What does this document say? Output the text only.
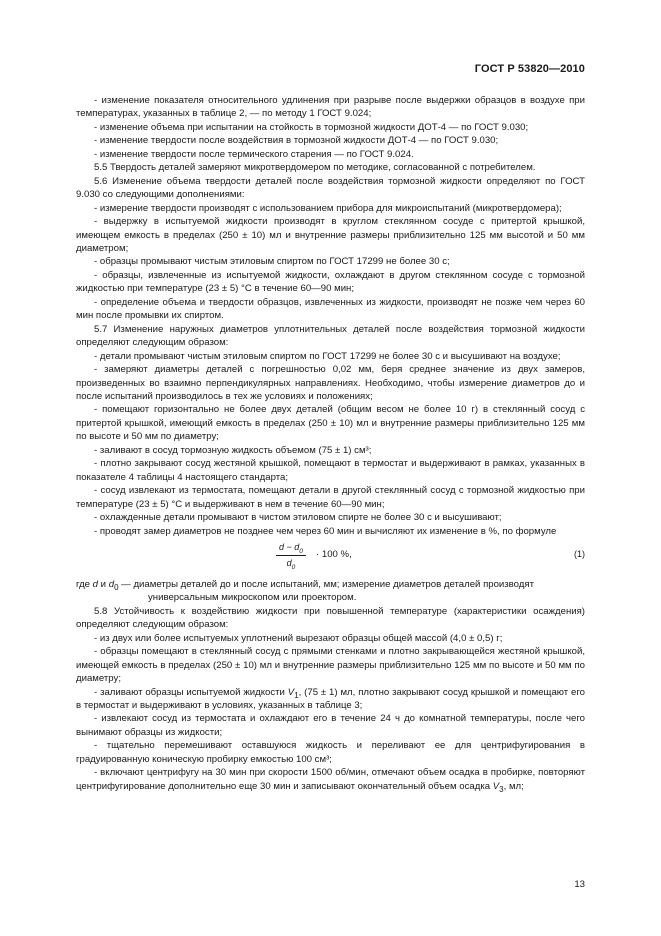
ГОСТ Р 53820—2010

- изменение показателя относительного удлинения при разрыве после выдержки образцов в воздухе при температурах, указанных в таблице 2, — по методу 1 ГОСТ 9.024;

- изменение объема при испытании на стойкость в тормозной жидкости ДОТ-4 — по ГОСТ 9.030;

- изменение твердости после воздействия в тормозной жидкости ДОТ-4 — по ГОСТ 9.030;

- изменение твердости после термического старения — по ГОСТ 9.024.

5.5 Твердость деталей замеряют микротвердомером по методике, согласованной с потребителем.

5.6 Изменение объема твердости деталей после воздействия тормозной жидкости определяют по ГОСТ 9.030 со следующими дополнениями:

- измерение твердости производят с использованием прибора для микроиспытаний (микротвердомера);

- выдержку в испытуемой жидкости производят в круглом стеклянном сосуде с притертой крышкой, имеющем емкость в пределах (250 ± 10) мл и внутренние размеры приблизительно 125 мм высотой и 50 мм диаметром;

- образцы промывают чистым этиловым спиртом по ГОСТ 17299 не более 30 с;

- образцы, извлеченные из испытуемой жидкости, охлаждают в другом стеклянном сосуде с тормозной жидкостью при температуре (23 ± 5) °С в течение 60—90 мин;

- определение объема и твердости образцов, извлеченных из жидкости, производят не позже чем через 60 мин после промывки их спиртом.

5.7 Изменение наружных диаметров уплотнительных деталей после воздействия тормозной жидкости определяют следующим образом:

- детали промывают чистым этиловым спиртом по ГОСТ 17299 не более 30 с и высушивают на воздухе;

- замеряют диаметры деталей с погрешностью 0,02 мм, беря среднее значение из двух замеров, произведенных во взаимно перпендикулярных направлениях. Необходимо, чтобы измерение диаметров до и после испытаний производилось в тех же условиях и положениях;

- помещают горизонтально не более двух деталей (общим весом не более 10 г) в стеклянный сосуд с притертой крышкой, имеющий емкость в пределах (250 ± 10) мл и внутренние размеры приблизительно 125 мм по высоте и 50 мм по диаметру;

- заливают в сосуд тормозную жидкость объемом (75 ± 1) см³;

- плотно закрывают сосуд жестяной крышкой, помещают в термостат и выдерживают в рамках, указанных в показателе 4 таблицы 4 настоящего стандарта;

- сосуд извлекают из термостата, помещают детали в другой стеклянный сосуд с тормозной жидкостью при температуре (23 ± 5) °С и выдерживают в нем в течение 60—90 мин;

- охлажденные детали промывают в чистом этиловом спирте не более 30 с и высушивают;

- проводят замер диаметров не позднее чем через 60 мин и вычисляют их изменение в %, по формуле

$\frac{d - d_0}{d_0} \cdot 100$ %,	(1)

где d и $d_0$ — диаметры деталей до и после испытаний, мм; измерение диаметров деталей производят

универсальным микроскопом или проектором.

5.8 Устойчивость к воздействию жидкости при повышенной температуре (характеристики осаждения) определяют следующим образом:

- из двух или более испытуемых уплотнений вырезают образцы общей массой (4,0 ± 0,5) г;

- образцы помещают в стеклянный сосуд с прямыми стенками и плотно закрывающейся жестяной крышкой, имеющей емкость в пределах (250 ± 10) мл и внутренние размеры приблизительно 125 мм по высоте и 50 мм по диаметру;

- заливают образцы испытуемой жидкости $V_1$, (75 ± 1) мл, плотно закрывают сосуд крышкой и помещают его в термостат и выдерживают в условиях, указанных в таблице 3;

- извлекают сосуд из термостата и охлаждают его в течение 24 ч до комнатной температуры, после чего вынимают образцы из жидкости;

- тщательно перемешивают оставшуюся жидкость и переливают ее для центрифугирования в градуированную коническую пробирку емкостью 100 см³;

- включают центрифугу на 30 мин при скорости 1500 об/мин, отмечают объем осадка в пробирке, повторяют центрифугирование дополнительно еще 30 мин и записывают окончательный объем осадка $V_3$, мл;

13
